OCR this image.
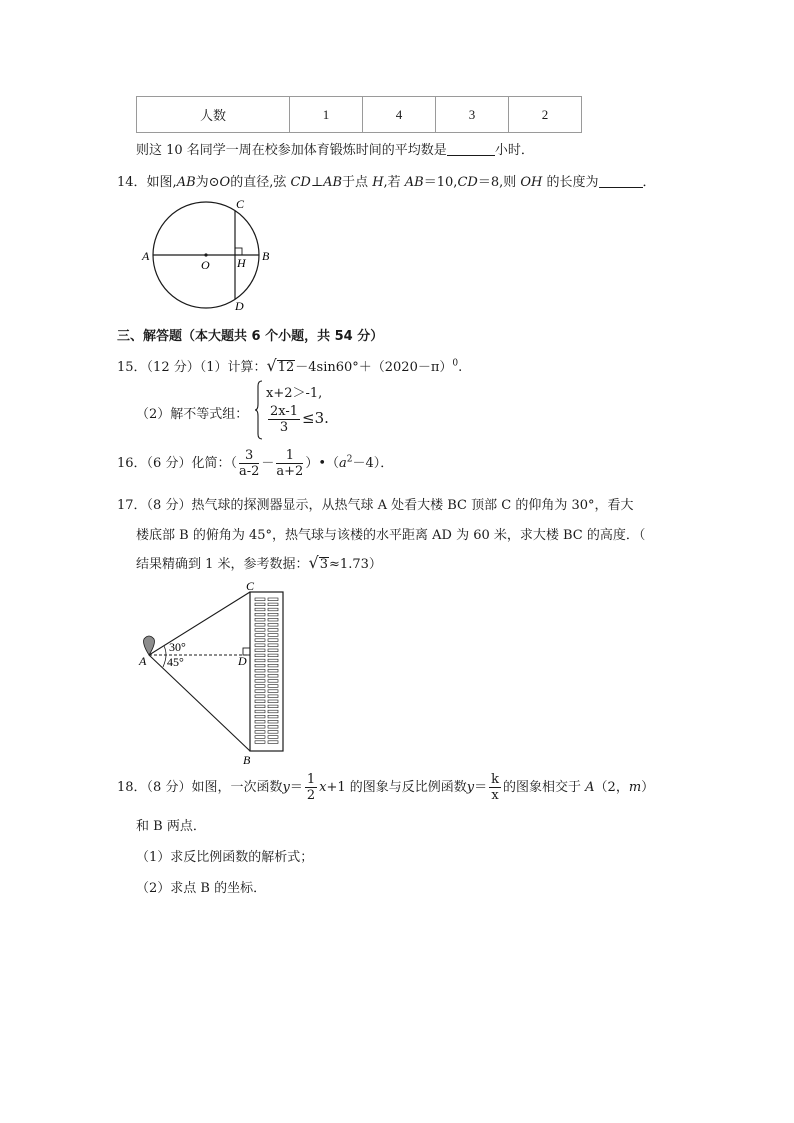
人数	1	4	3	2
则这 10 名同学一周在校参加体育锻炼时间的平均数是	小时．
14．如图,AB为⊙O的直径,弦 CD⊥AB于点 H,若 AB＝10,CD＝8,则 OH 的长度为	．
A	B
C
D
O H
三、解答题（本大题共 6 个小题，共 54 分）
15．（12 分）（1）计算：$√12-4\sin 60^\circ+(2020-\pi)^0$.
（2）解不等式组：
x+2＞-1,
$\frac{2x-1}{3} \le 3$.
16．（6 分）化简：（ $\frac{3}{a-2} - \frac{1}{a+2}$ ）$•(a^2-4)$．
17．（8 分）热气球的探测器显示，从热气球 A 处看大楼 BC 顶部 C 的仰角为 30°，看大
楼底部 B 的俯角为 45°，热气球与该楼的水平距离 AD 为 60 米，求大楼 BC 的高度．（
结果精确到 1 米，参考数据：√3≈1.73）
30°
45°
A
C
D
B
18．（8 分）如图，一次函数$y= \frac{1}{2} x+1$ 的图象与反比例函数$y= \frac{k}{x}$ 的图象相交于 A（2，m）
和 B 两点．
（1）求反比例函数的解析式；
（2）求点 B 的坐标．
